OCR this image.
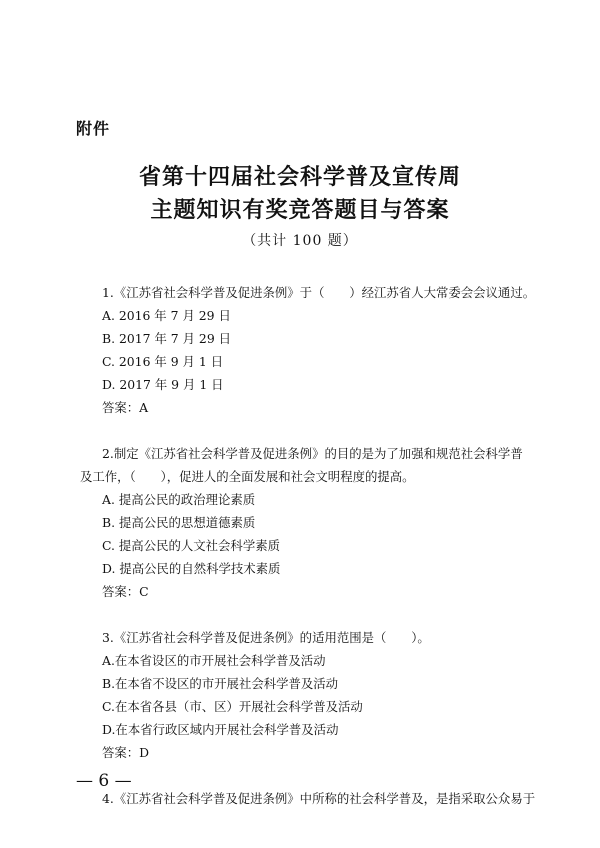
附件
省第十四届社会科学普及宣传周
主题知识有奖竞答题目与答案
（共计 100 题）
1.《江苏省社会科学普及促进条例》于（　　）经江苏省人大常委会会议通过。
A. 2016 年 7 月 29 日
B. 2017 年 7 月 29 日
C. 2016 年 9 月 1 日
D. 2017 年 9 月 1 日
答案：A
2.制定《江苏省社会科学普及促进条例》的目的是为了加强和规范社会科学普及工作，（　　），促进人的全面发展和社会文明程度的提高。
A. 提高公民的政治理论素质
B. 提高公民的思想道德素质
C. 提高公民的人文社会科学素质
D. 提高公民的自然科学技术素质
答案：C
3.《江苏省社会科学普及促进条例》的适用范围是（　　）。
A.在本省设区的市开展社会科学普及活动
B.在本省不设区的市开展社会科学普及活动
C.在本省各县（市、区）开展社会科学普及活动
D.在本省行政区域内开展社会科学普及活动
答案：D
4.《江苏省社会科学普及促进条例》中所称的社会科学普及，是指采取公众易于
— 6 —
